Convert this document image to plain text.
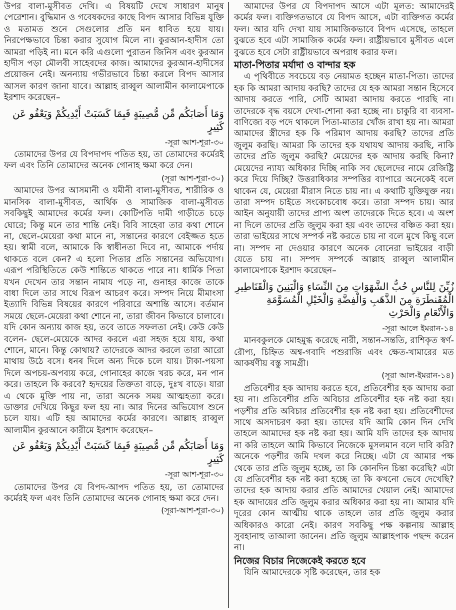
উপর বালা-মুসীবত দেখি। এ বিষয়টি দেখে সাধারণ মানুষ পেরেশান। বুদ্ধিমান ও গবেষকদের কাছে বিপদ আসার বিভিন্ন যুক্তি ও মতামত শুনে সেগুলোর প্রতি মন ধাবিত হয়ে যায়। নিরপেক্ষভাবে চিন্তা করার সুযোগ মিলে না। কুরআন-হাদীস তো আমরা পড়িই না। মনে করি এগুলো পুরাতন জিনিস এবং কুরআন হাদীস পড়া মৌলবী সাহেবদের কাজ। আমাদের কুরআন-হাদীসের প্রয়োজন নেই। অনন্যায় গভীরভাবে চিন্তা করলে বিপদ আসার আসল কারণ জানা যাবে। আল্লাহ রাব্বুল আলামীন কালামেপাকে ইরশাদ করেছেন–

وَمَا أَصَابَكُم مِّن مُّصِيبَةٍ فَبِمَا كَسَبَتْ أَيْدِيكُمْ وَيَعْفُو عَن كَثِيرٍ
-সূরা আশ-শূরা-৩০

তোমাদের উপর যে বিপদাপদ পতিত হয়, তা তোমাদের কর্মেরই ফল এবং তিনি তোমাদের অনেক গোনাহ ক্ষমা করে দেন।

(সূরা আশ-শূরা-৩০)

আমাদের উপর আসমানী ও যমীনী বালা-মুসীবত, শারীরিক ও মানসিক বালা-মুসীবত, আর্থিক ও সামাজিক বালা-মুসীবত সবকিছুই আমাদের কর্মের ফল। কোটিপতি দামী গাড়ীতে চড়ে ঘোরে; কিন্তু মনে তার শান্তি নেই। বিবি সাহেবা তার কথা শোনে না, ছেলে-মেয়েরা কথা মানে না, সন্তানের কারণে বেইজ্জত হতে হয়। স্বামী বলে, আমাকে কি স্বাধীনতা দিবে না, আমাকে পর্দায় থাকতে বলে কেন? এ হলো পিতার প্রতি সন্তানের অভিযোগ। এরূপ পরিস্থিতিতে কেউ শান্তিতে থাকতে পারে না। ধার্মিক পিতা যখন দেখেন তার সন্তান নামায পড়ে না, গুনাহর কাজে তাকে বাধা দিলে তার সাথে বিরূপ আচরণ করে। সম্পদ নিয়ে মীমাংসা ইত্যাদি বিভিন্ন বিষয়ের কারণে পরিবারে অশান্তি আসে। বর্তমান সময়ে ছেলে-মেয়েরা কথা শোনে না, তারা জীবন কিভাবে চালাবে। যদি কোন অন্যায় কাজ হয়, তবে তাতে সফলতা নেই। কেউ কেউ বলেন- ছেলে-মেয়েকে আদর করলে এরা সহজ হয়ে যায়, কথা শোনে, মানে। কিন্তু কোথায়? তাদেরকে আদর করলে তারা আরো মাথায় উঠে বসে। ধনৰ দিলে অন্য দিকে চলে যায়। টাকা-পয়সা দিলে অপচয়-অপব্যয় করে, গোনাহের কাজে খরচ করে, মন পান করে। তাহলে কি করবে? হৃদয়ের তিক্ততা বাড়ে, দুঃখ বাড়ে। যারা এ থেকে মুক্তি পায় না, তারা অনেক সময় আত্মহত্যা করে। ডাক্তার দেখিয়ে কিছুর ফল হয় না। আর দিনের অভিযোগ শুনে চলে যায়। এটি হয় আমাদের কর্মের কারণে। আল্লাহ রাব্বুল আলামীন কুরআনে কারীমে ইরশাদ করেছেন–

وَمَا أَصَابَكُم مِّن مُّصِيبَةٍ فَبِمَا كَسَبَتْ أَيْدِيكُمْ وَيَعْفُو عَن كَثِيرٍ
-সূরা আশ-শূরা-৩০

তোমাদের উপর যে বিপদ-আপদ পতিত হয়, তা তোমাদের কর্মেরই ফল এবং তিনি তোমাদের অনেক গোনাহ ক্ষমা করে দেন।

(সূরা-আশ-শূরা-৩০)

আমাদের উপর যে বিপদাপদ আসে এটা মূলত: আমাদেরই কর্মের ফল। ব্যক্তিগতভাবে যে বিপদ আসে, এটা ব্যক্তিগত কর্মের ফল। আর যদি দেখা যায় সামাজিকভাবে বিপদ এসেছে, তাহলে বুঝতে হবে এটা সামাজিক কর্মের ফল। রাষ্ট্রীয়ভাবে মুসীবত এলে বুঝতে হবে সেটা রাষ্ট্রীয়ভাবে অপরাধ করার ফল।

মাতা-পিতার মর্যাদা ও বান্দার হক

এ পৃথিবীতে সবচেয়ে বড় নেয়ামত হচ্ছেন মাতা-পিতা। তাদের হক কি আমরা আদায় করছি? তাদের যে হক আমরা সন্তান হিসেবে আদায় করতে পারি, সেটি আমরা আদায় করতে পারছি না। তাদেরকে বৃদ্ধ বয়সে দেখা-শোনা করা হচ্ছে না। চাকুরি বা ব্যবসা-বাণিজ্যে বড় পদে থাকলে পিতা-মাতার খোঁজ রাখা হয় না। আমরা আমাদের স্ত্রীদের হক কি পরিমাণ আদায় করছি? তাদের প্রতি জুলুম করছি। আমরা কি তাদের হক যথাযথ আদায় করছি, নাকি তাদের প্রতি জুলুম করছি? মেয়েদের হক আদায় করছি কিনা? মেয়েদের ন্যায্য অধিকার দিচ্ছি নাকি সব ছেলেদের নামে রেজিষ্ট্রি করে দিয়ে দিচ্ছি? উত্তরাধিকার সম্পত্তির ব্যাপারে অনেকেই বলে থাকেন যে, মেয়েরা মীরাস নিতে চায় না। এ কথাটি যুক্তিযুক্ত নয়। তারা সম্পদ চাইতে সংকোচবোধ করে। তারা সম্পদ চায়। আর আইন অনুযায়ী তাদের প্রাপ্য অংশ তাদেরকে দিতে হবে। এ অংশ না দিলে তাদের প্রতি জুলুম করা হয় এবং তাদের বঞ্চিত করা হয়। তারা ভাইয়ের সাথে সম্পর্ক নষ্ট করতে চায় না বলে মুখে কিছু বলে না। সম্পদ না দেওয়ার কারণে অনেক বোনেরা ভাইয়ের বাড়ী যেতে চায় না। সম্পদ সম্পর্কে আল্লাহ রাব্বুল আলামীন কালামেপাকে ইরশাদ করেছেন–

زُيِّنَ لِلنَّاسِ حُبُّ الشَّهَوَاتِ مِنَ النِّسَاءِ وَالْبَنِينَ وَالْقَنَاطِيرِ الْمُقَنطَرَةِ مِنَ الذَّهَبِ وَالْفِضَّةِ وَالْخَيْلِ الْمُسَوَّمَةِ وَالْأَنْعَامِ وَالْحَرْثِ
-সূরা আলে ইমরান-১৪

মানবকুলকে মোহমুগ্ধ করেছে নারী, সন্তান-সন্ততি, রাশিকৃত স্বর্ণ-রৌপ্য, চিহ্নিত অশ্ব-গবাদি পশুরাজি এবং ক্ষেত-খামারের মত আকর্ষণীয় বস্তু সামগ্রী।

(সূরা আল-ইমরান-১৪)

প্রতিবেশীর হক আদায় করতে হবে, প্রতিবেশীর হক আদায় করা হয় না। প্রতিবেশীর প্রতি অবিচার প্রতিবেশীর হক নষ্ট করা হয়। পড়শীর প্রতি অবিচার প্রতিবেশীর হক নষ্ট করা হয়। প্রতিবেশীদের সাথে অসদাচরণ করা হয়। তাদের যদি আমি কোন দিন দেখি তাহলে আমাদের হক নষ্ট করা হয়। আমি যদি তাদের হক আদায় না করি তাহলে আমি কিভাবে নিজেকে মুসলমান বলে দাবি করি? অনেকে পড়শীর জমি দখল করে নিচ্ছে। এটা যে আমার পক্ষ থেকে তার প্রতি জুলুম হচ্ছে, তা কি কোনদিন চিন্তা করেছি? এটা যে প্রতিবেশীর হক নষ্ট করা হচ্ছে তা কি কখনো ভেবে দেখেছি? তাদের হক আদায় করার প্রতি আমাদের খেয়াল নেই। আমাদের হক আদায়ের প্রতি জুলুম করার অধিকার করা হয় না। আমার যদি দূরের কোন আত্মীয় থাকে তাহলে তার প্রতি জুলুম করার অধিকারও কারো নেই। কারণ সবকিছু পক্ষ কল্পনায় আল্লাহ সুবহানাহু তাআলা জানেন। প্রতি জুলুম আল্লাহপাক পছন্দ করেন না।

নিজের বিচার নিজেকেই করতে হবে

যিনি আমাদেরকে সৃষ্টি করেছেন, তার হক
